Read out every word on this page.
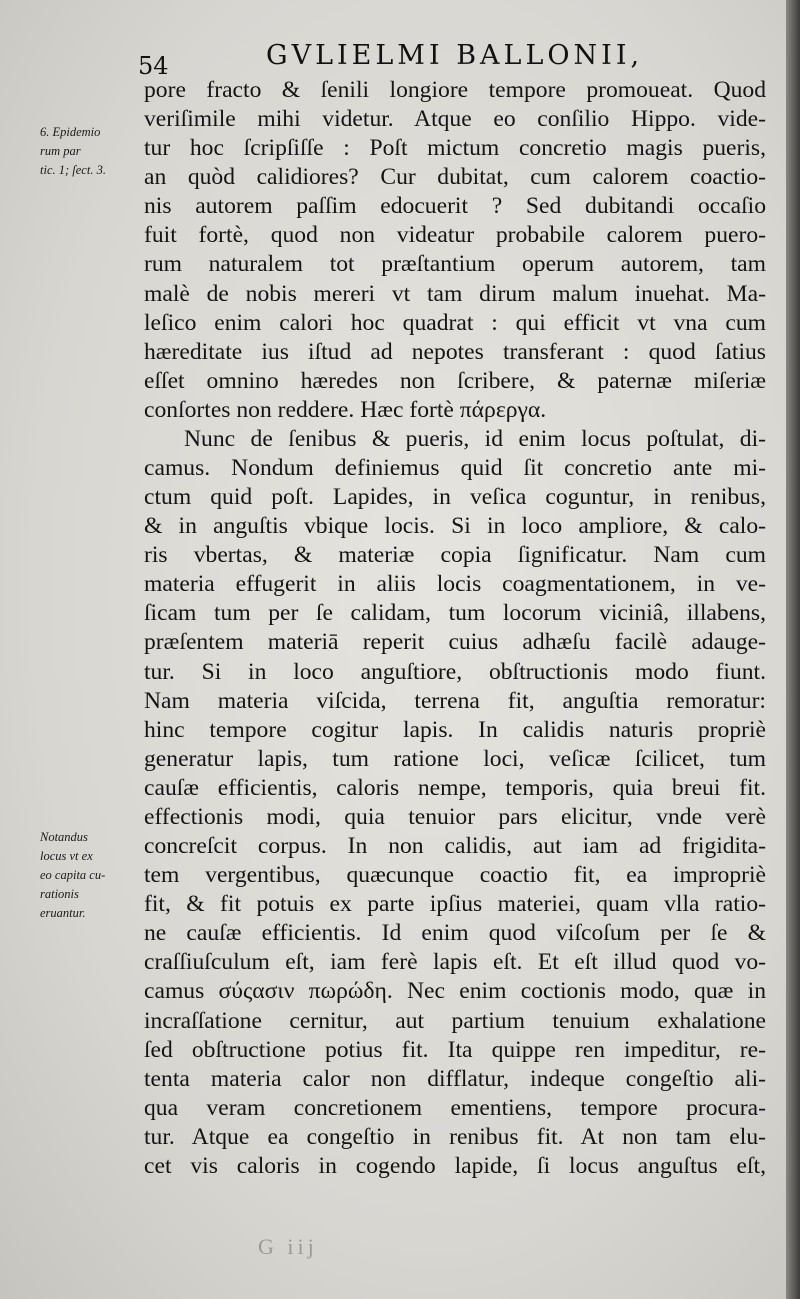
54	GVLIELMI BALLONII,
6. Epidemio
rum par
tic. 1; ſect. 3.
Notandus
locus vt ex
eo capita cu-
rationis
eruantur.
pore fracto & ſenili longiore tempore promoueat. Quod
veriſimile mihi videtur. Atque eo conſilio Hippo. vide-
tur hoc ſcripſiſſe : Poſt mictum concretio magis pueris,
an quòd calidiores? Cur dubitat, cum calorem coactio-
nis autorem paſſim edocuerit ? Sed dubitandi occaſio
fuit fortè, quod non videatur probabile calorem puero-
rum naturalem tot præſtantium operum autorem, tam
malè de nobis mereri vt tam dirum malum inuehat. Ma-
leſico enim calori hoc quadrat : qui efficit vt vna cum
hæreditate ius iſtud ad nepotes transferant : quod ſatius
eſſet omnino hæredes non ſcribere, & paternæ miſeriæ
conſortes non reddere. Hæc fortè πάρεργα.
Nunc de ſenibus & pueris, id enim locus poſtulat, di-
camus. Nondum definiemus quid ſit concretio ante mi-
ctum quid poſt. Lapides, in veſica coguntur, in renibus,
& in anguſtis vbique locis. Si in loco ampliore, & calo-
ris vbertas, & materiæ copia ſignificatur. Nam cum
materia effugerit in aliis locis coagmentationem, in ve-
ſicam tum per ſe calidam, tum locorum viciniâ, illabens,
præſentem materiā reperit cuius adhæſu facilè adauge-
tur. Si in loco anguſtiore, obſtructionis modo fiunt.
Nam materia viſcida, terrena fit, anguſtia remoratur:
hinc tempore cogitur lapis. In calidis naturis propriè
generatur lapis, tum ratione loci, veſicæ ſcilicet, tum
cauſæ efficientis, caloris nempe, temporis, quia breui fit.
effectionis modi, quia tenuior pars elicitur, vnde verè
concreſcit corpus. In non calidis, aut iam ad frigidita-
tem vergentibus, quæcunque coactio fit, ea impropriè
fit, & fit potuis ex parte ipſius materiei, quam vlla ratio-
ne cauſæ efficientis. Id enim quod viſcoſum per ſe &
craſſiuſculum eſt, iam ferè lapis eſt. Et eſt illud quod vo-
camus σύςασιν πωρώδη. Nec enim coctionis modo, quæ in
incraſſatione cernitur, aut partium tenuium exhalatione
ſed obſtructione potius fit. Ita quippe ren impeditur, re-
tenta materia calor non difflatur, indeque congeſtio ali-
qua veram concretionem ementiens, tempore procura-
tur. Atque ea congeſtio in renibus fit. At non tam elu-
cet vis caloris in cogendo lapide, ſi locus anguſtus eſt,
G iij
